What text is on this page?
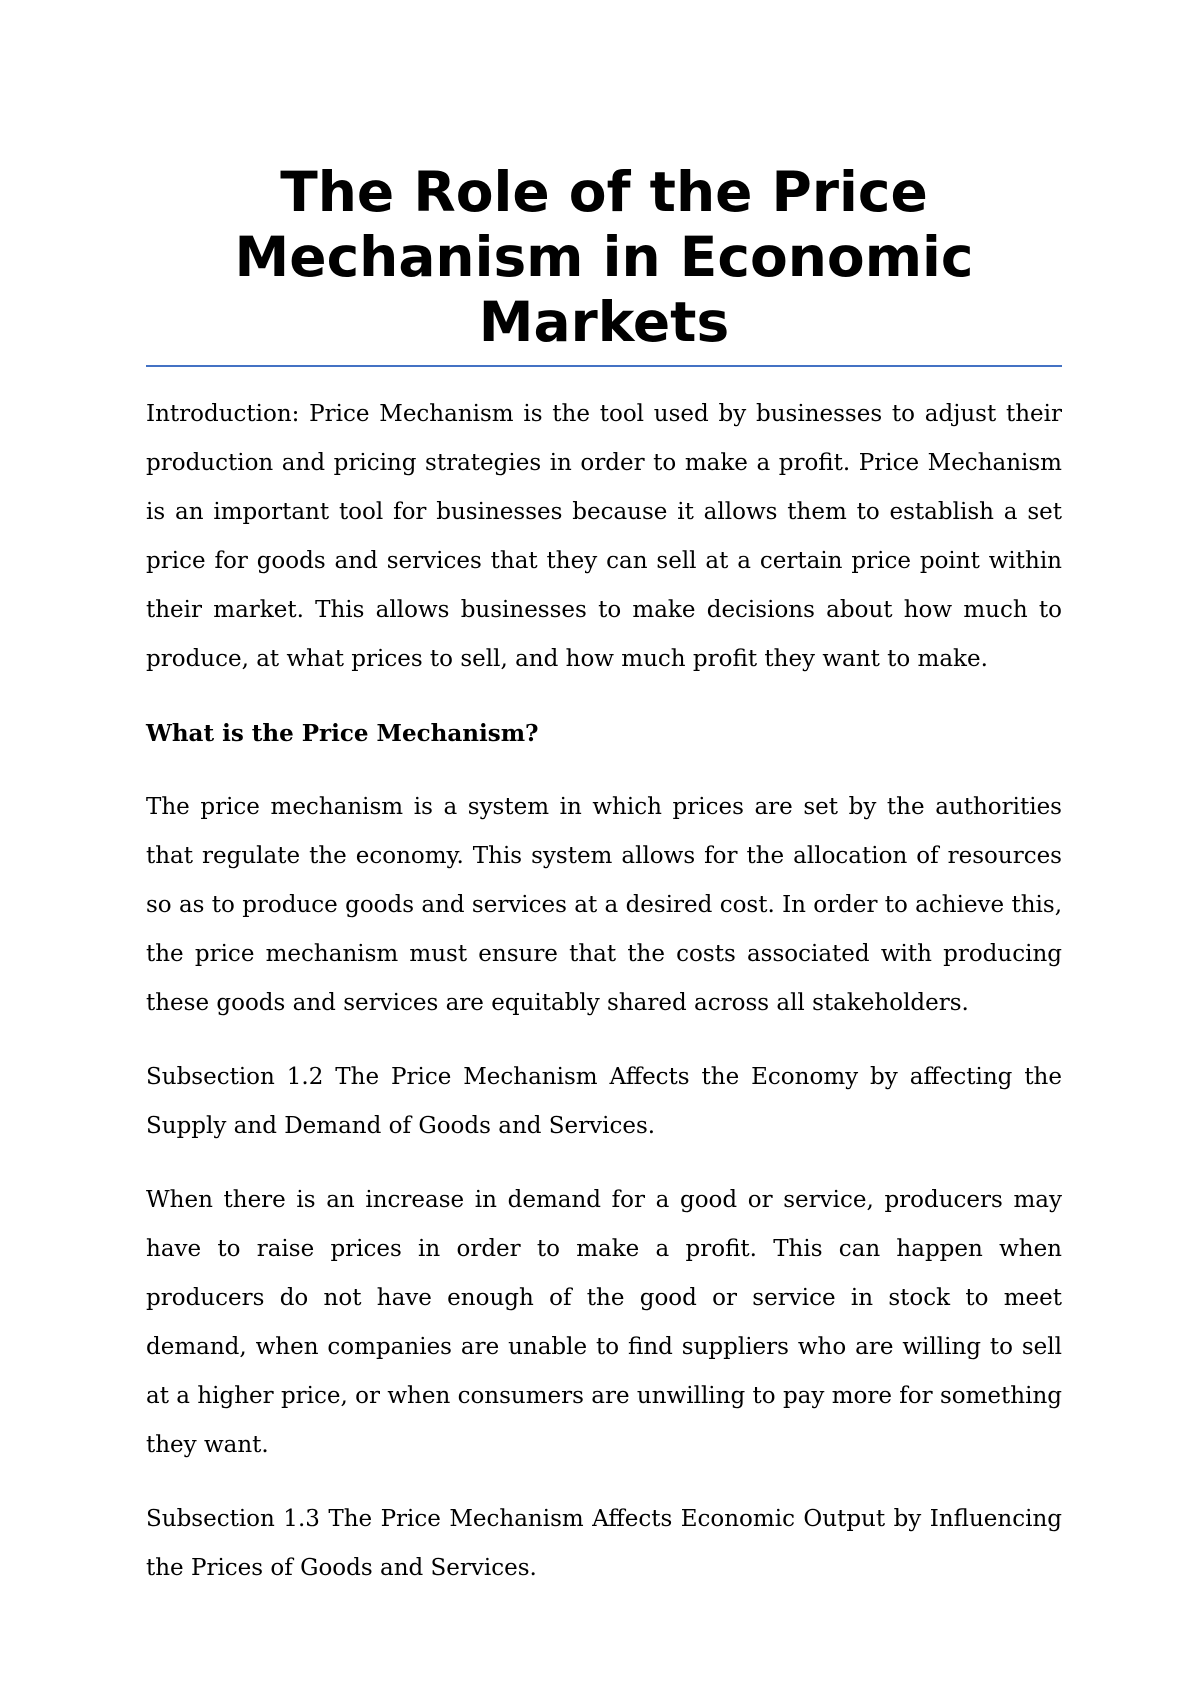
The Role of the Price Mechanism in Economic Markets

Introduction: Price Mechanism is the tool used by businesses to adjust their production and pricing strategies in order to make a profit. Price Mechanism is an important tool for businesses because it allows them to establish a set price for goods and services that they can sell at a certain price point within their market. This allows businesses to make decisions about how much to produce, at what prices to sell, and how much profit they want to make.

What is the Price Mechanism?

The price mechanism is a system in which prices are set by the authorities that regulate the economy. This system allows for the allocation of resources so as to produce goods and services at a desired cost. In order to achieve this, the price mechanism must ensure that the costs associated with producing these goods and services are equitably shared across all stakeholders.

Subsection 1.2 The Price Mechanism Affects the Economy by affecting the Supply and Demand of Goods and Services.

When there is an increase in demand for a good or service, producers may have to raise prices in order to make a profit. This can happen when producers do not have enough of the good or service in stock to meet demand, when companies are unable to find suppliers who are willing to sell at a higher price, or when consumers are unwilling to pay more for something they want.

Subsection 1.3 The Price Mechanism Affects Economic Output by Influencing the Prices of Goods and Services.
